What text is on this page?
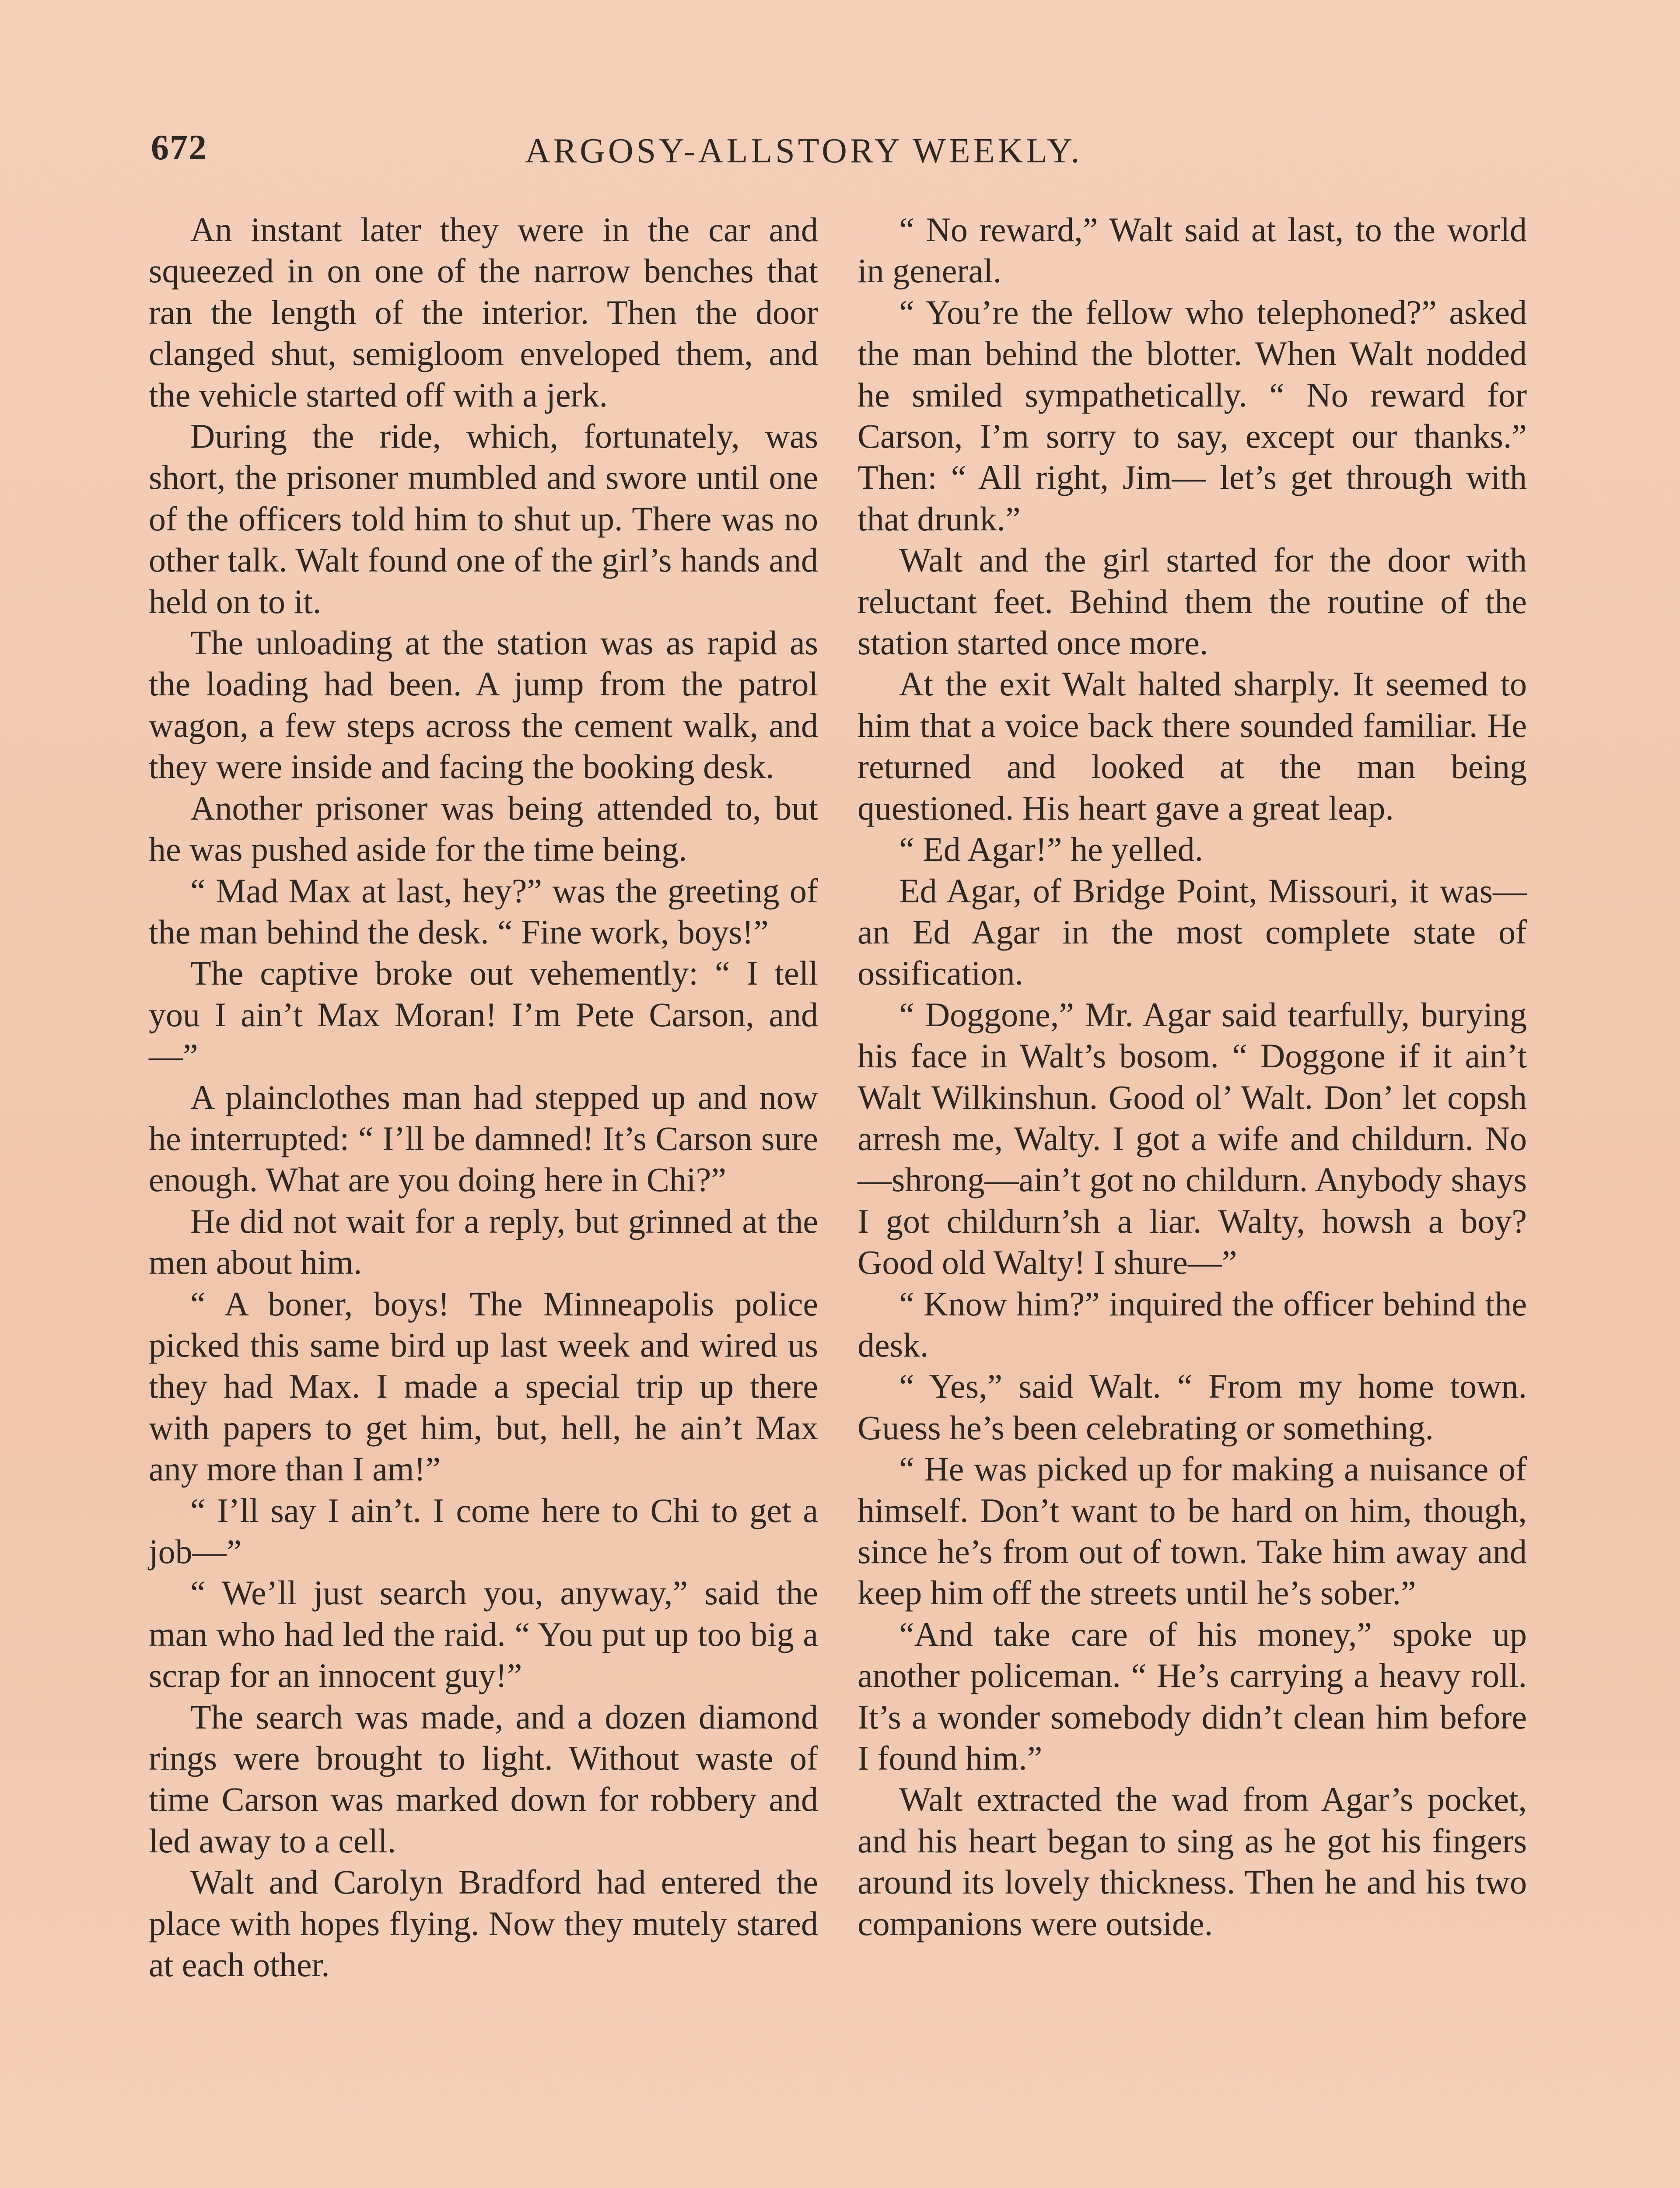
672	ARGOSY-ALLSTORY WEEKLY.

An instant later they were in the car and squeezed in on one of the narrow benches that ran the length of the interior. Then the door clanged shut, semigloom enveloped them, and the vehicle started off with a jerk.

During the ride, which, fortunately, was short, the prisoner mumbled and swore until one of the officers told him to shut up. There was no other talk. Walt found one of the girl’s hands and held on to it.

The unloading at the station was as rapid as the loading had been. A jump from the patrol wagon, a few steps across the cement walk, and they were inside and facing the booking desk.

Another prisoner was being attended to, but he was pushed aside for the time being.

“ Mad Max at last, hey?” was the greeting of the man behind the desk. “ Fine work, boys!”

The captive broke out vehemently: “ I tell you I ain’t Max Moran! I’m Pete Carson, and—”

A plainclothes man had stepped up and now he interrupted: “ I’ll be damned! It’s Carson sure enough. What are you doing here in Chi?”

He did not wait for a reply, but grinned at the men about him.

“ A boner, boys! The Minneapolis police picked this same bird up last week and wired us they had Max. I made a special trip up there with papers to get him, but, hell, he ain’t Max any more than I am!”

“ I’ll say I ain’t. I come here to Chi to get a job—”

“ We’ll just search you, anyway,” said the man who had led the raid. “ You put up too big a scrap for an innocent guy!”

The search was made, and a dozen diamond rings were brought to light. Without waste of time Carson was marked down for robbery and led away to a cell.

Walt and Carolyn Bradford had entered the place with hopes flying. Now they mutely stared at each other.

“ No reward,” Walt said at last, to the world in general.

“ You’re the fellow who telephoned?” asked the man behind the blotter. When Walt nodded he smiled sympathetically. “ No reward for Carson, I’m sorry to say, except our thanks.” Then: “ All right, Jim— let’s get through with that drunk.”

Walt and the girl started for the door with reluctant feet. Behind them the routine of the station started once more.

At the exit Walt halted sharply. It seemed to him that a voice back there sounded familiar. He returned and looked at the man being questioned. His heart gave a great leap.

“ Ed Agar!” he yelled.

Ed Agar, of Bridge Point, Missouri, it was—an Ed Agar in the most complete state of ossification.

“ Doggone,” Mr. Agar said tearfully, burying his face in Walt’s bosom. “ Doggone if it ain’t Walt Wilkinshun. Good ol’ Walt. Don’ let copsh arresh me, Walty. I got a wife and childurn. No—shrong—ain’t got no childurn. Anybody shays I got childurn’sh a liar. Walty, howsh a boy? Good old Walty! I shure—”

“ Know him?” inquired the officer behind the desk.

“ Yes,” said Walt. “ From my home town. Guess he’s been celebrating or something.

“ He was picked up for making a nuisance of himself. Don’t want to be hard on him, though, since he’s from out of town. Take him away and keep him off the streets until he’s sober.”

“And take care of his money,” spoke up another policeman. “ He’s carrying a heavy roll. It’s a wonder somebody didn’t clean him before I found him.”

Walt extracted the wad from Agar’s pocket, and his heart began to sing as he got his fingers around its lovely thickness. Then he and his two companions were outside.
